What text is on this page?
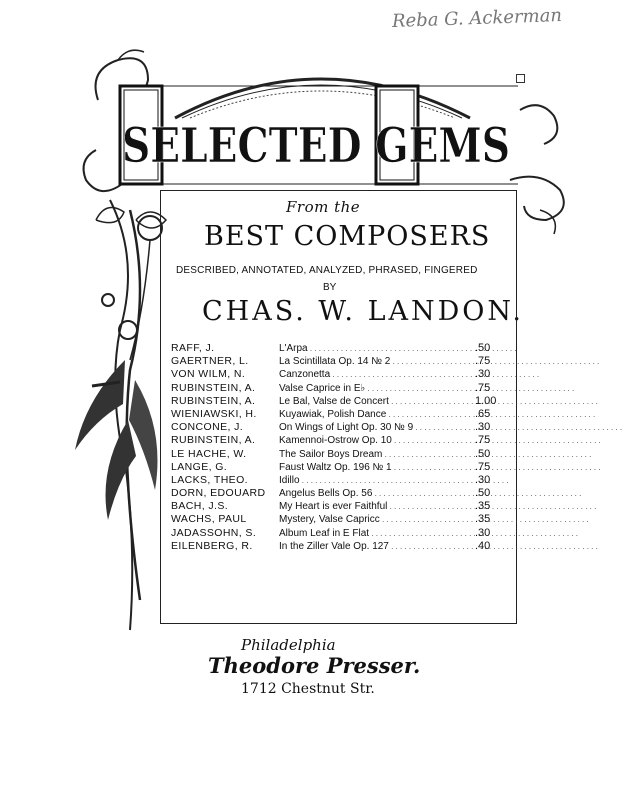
Reba G. Ackerman
SELECTED GEMS
From the
BEST COMPOSERS
DESCRIBED, ANNOTATED, ANALYZED, PHRASED, FINGERED
BY
CHAS. W. LANDON.
RAFF, J.	L'Arpa . . .	.50
GAERTNER, L.	La Scintillata Op. 14 № 2 . . .	.75
VON WILM, N.	Canzonetta . . .	.30
RUBINSTEIN, A. Valse Caprice in E♭ . . .	.75
RUBINSTEIN, A. Le Bal, Valse de Concert . . .	1.00
WIENIAWSKI, H. Kuyawiak, Polish Dance . . .	.65
CONCONE, J.	On Wings of Light Op. 30 № 9 . . .	.30
RUBINSTEIN, A. Kamennoi-Ostrow Op. 10 . . .	.75
LE HACHE, W.	The Sailor Boys Dream . . .	.50
LANGE, G.	Faust Waltz Op. 196 № 1 . . .	.75
LACKS, THEO.	Idillo . . .	.30
DORN, EDOUARD Angelus Bells Op. 56 . . .	.50
BACH, J.S.	My Heart is ever Faithful . . .	.35
WACHS, PAUL	Mystery, Valse Capricc . . .	.35
JADASSOHN, S. Album Leaf in E Flat . . .	.30
EILENBERG, R.	In the Ziller Vale Op. 127 . . .	.40
Philadelphia
Theodore Presser.
1712 Chestnut Str.
